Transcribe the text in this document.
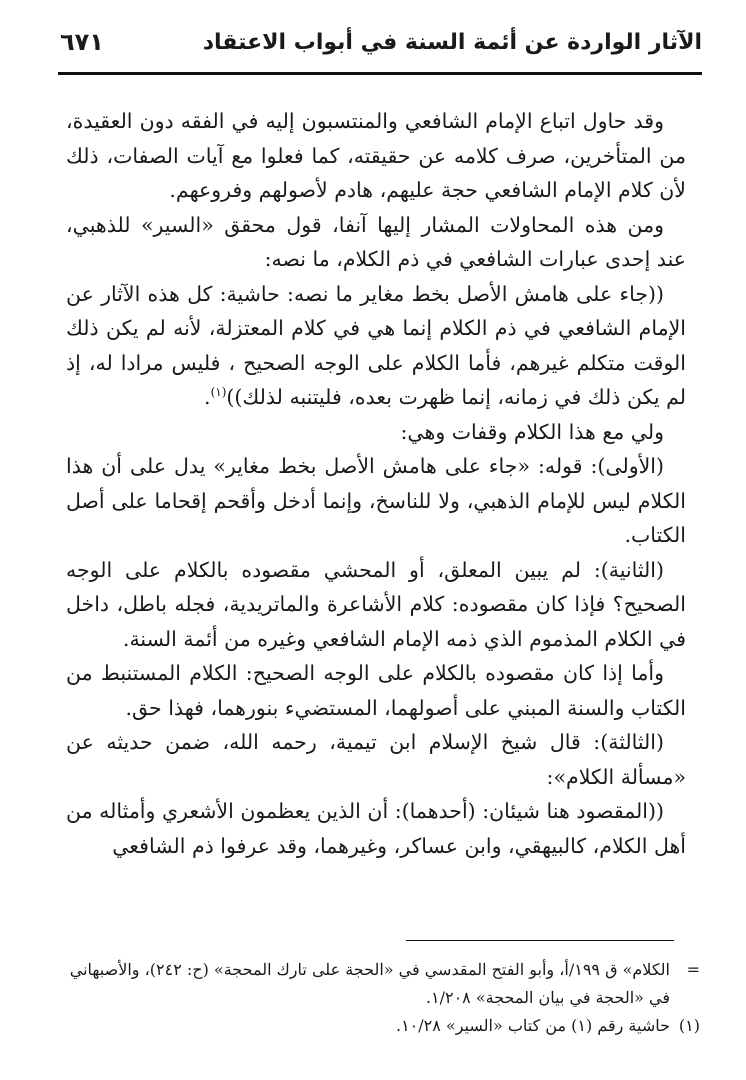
الآثار الواردة عن أئمة السنة في أبواب الاعتقاد
٦٧١

وقد حاول اتباع الإمام الشافعي والمنتسبون إليه في الفقه دون العقيدة، من المتأخرين، صرف كلامه عن حقيقته، كما فعلوا مع آيات الصفات، ذلك لأن كلام الإمام الشافعي حجة عليهم، هادم لأصولهم وفروعهم.

ومن هذه المحاولات المشار إليها آنفا، قول محقق «السير» للذهبي، عند إحدى عبارات الشافعي في ذم الكلام، ما نصه:

((جاء على هامش الأصل بخط مغاير ما نصه: حاشية: كل هذه الآثار عن الإمام الشافعي في ذم الكلام إنما هي في كلام المعتزلة، لأنه لم يكن ذلك الوقت متكلم غيرهم، فأما الكلام على الوجه الصحيح ، فليس مرادا له، إذ لم يكن ذلك في زمانه، إنما ظهرت بعده، فليتنبه لذلك))$^{(١)}$.

ولي مع هذا الكلام وقفات وهي:

(الأولى): قوله: «جاء على هامش الأصل بخط مغاير» يدل على أن هذا الكلام ليس للإمام الذهبي، ولا للناسخ، وإنما أدخل وأقحم إقحاما على أصل الكتاب.

(الثانية): لم يبين المعلق، أو المحشي مقصوده بالكلام على الوجه الصحيح؟ فإذا كان مقصوده: كلام الأشاعرة والماتريدية، فجله باطل، داخل في الكلام المذموم الذي ذمه الإمام الشافعي وغيره من أئمة السنة.

وأما إذا كان مقصوده بالكلام على الوجه الصحيح: الكلام المستنبط من الكتاب والسنة المبني على أصولهما، المستضيء بنورهما، فهذا حق.

(الثالثة): قال شيخ الإسلام ابن تيمية، رحمه الله، ضمن حديثه عن «مسألة الكلام»:

((المقصود هنا شيئان: (أحدهما): أن الذين يعظمون الأشعري وأمثاله من أهل الكلام، كالبيهقي، وابن عساكر، وغيرهما، وقد عرفوا ذم الشافعي

=
الكلام» ق ١٩٩/أ، وأبو الفتح المقدسي في «الحجة على تارك المحجة» (ح: ٢٤٢)، والأصبهاني في «الحجة في بيان المحجة» ١/٢٠٨.
(١)
حاشية رقم (١) من كتاب «السير» ١٠/٢٨.
